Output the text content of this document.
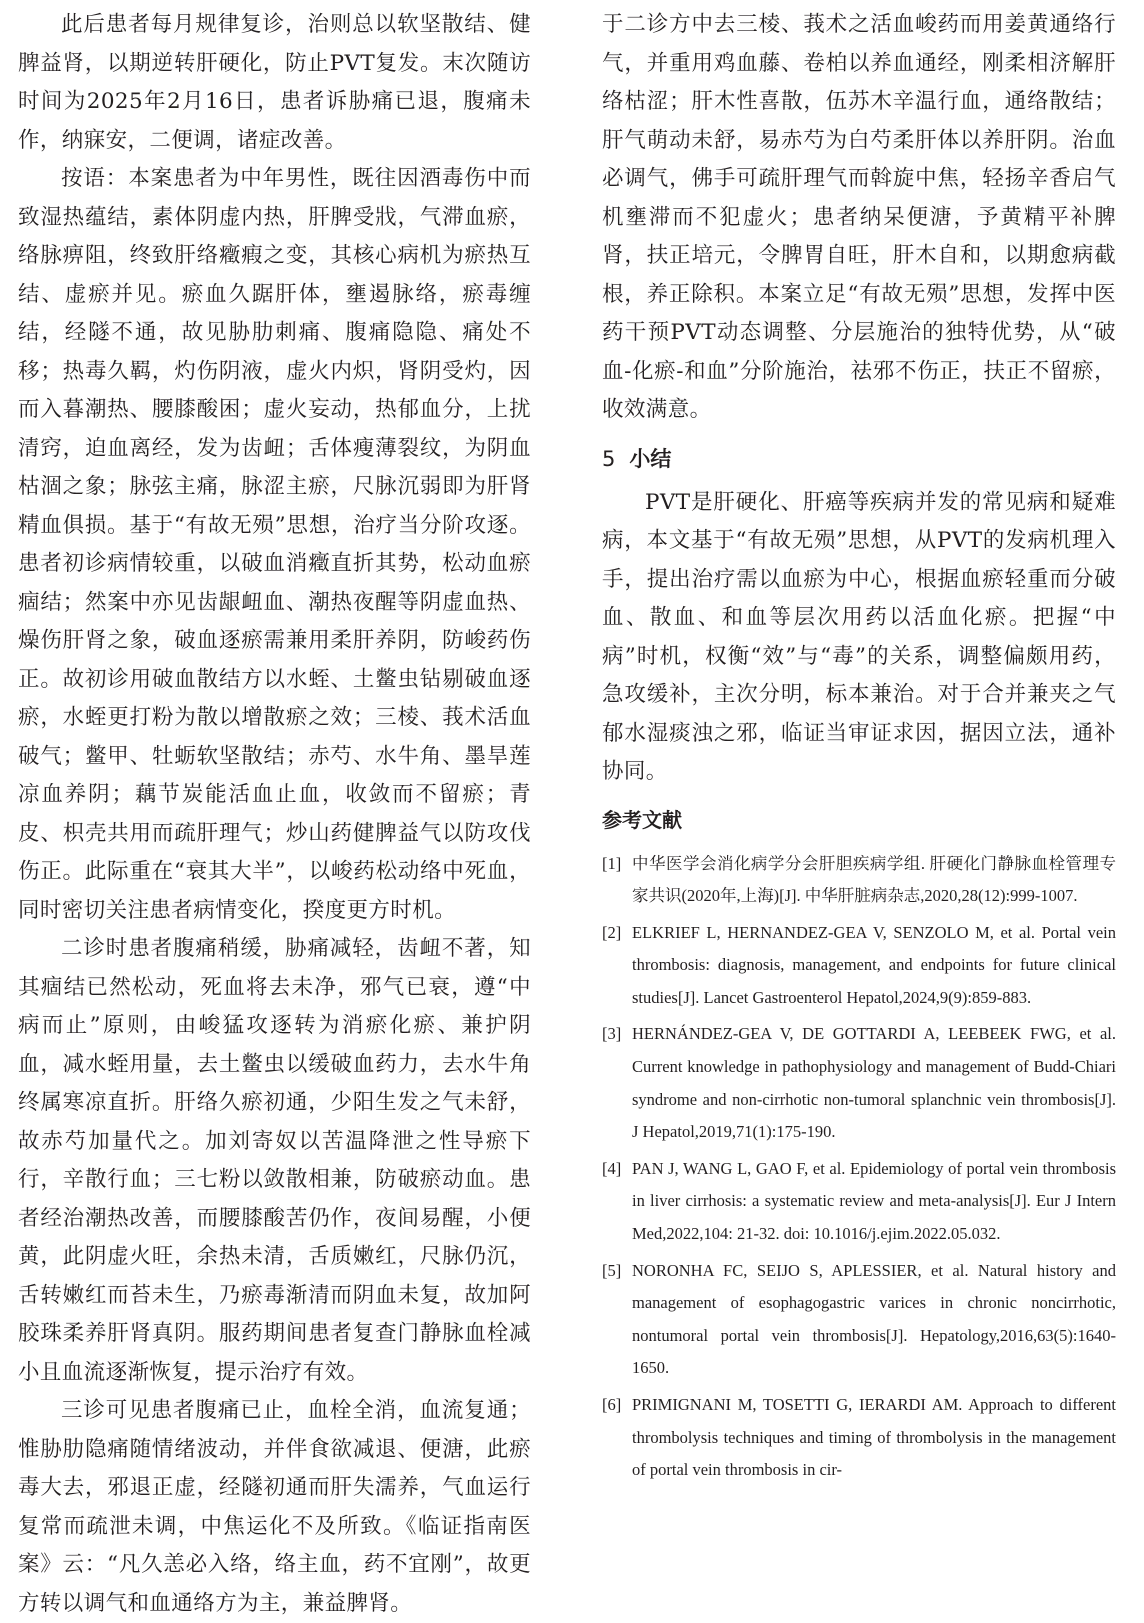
此后患者每月规律复诊，治则总以软坚散结、健脾益肾，以期逆转肝硬化，防止PVT复发。末次随访时间为2025年2月16日，患者诉胁痛已退，腹痛未作，纳寐安，二便调，诸症改善。

按语：本案患者为中年男性，既往因酒毒伤中而致湿热蕴结，素体阴虚内热，肝脾受戕，气滞血瘀，络脉痹阻，终致肝络癥瘕之变，其核心病机为瘀热互结、虚瘀并见。瘀血久踞肝体，壅遏脉络，瘀毒缠结，经隧不通，故见胁肋刺痛、腹痛隐隐、痛处不移；热毒久羁，灼伤阴液，虚火内炽，肾阴受灼，因而入暮潮热、腰膝酸困；虚火妄动，热郁血分，上扰清窍，迫血离经，发为齿衄；舌体瘦薄裂纹，为阴血枯涸之象；脉弦主痛，脉涩主瘀，尺脉沉弱即为肝肾精血俱损。基于“有故无殒”思想，治疗当分阶攻逐。患者初诊病情较重，以破血消癥直折其势，松动血瘀痼结；然案中亦见齿龈衄血、潮热夜醒等阴虚血热、燥伤肝肾之象，破血逐瘀需兼用柔肝养阴，防峻药伤正。故初诊用破血散结方以水蛭、土鳖虫钻剔破血逐瘀，水蛭更打粉为散以增散瘀之效；三棱、莪术活血破气；鳖甲、牡蛎软坚散结；赤芍、水牛角、墨旱莲凉血养阴；藕节炭能活血止血，收敛而不留瘀；青皮、枳壳共用而疏肝理气；炒山药健脾益气以防攻伐伤正。此际重在“衰其大半”，以峻药松动络中死血，同时密切关注患者病情变化，揆度更方时机。

二诊时患者腹痛稍缓，胁痛减轻，齿衄不著，知其痼结已然松动，死血将去未净，邪气已衰，遵“中病而止”原则，由峻猛攻逐转为消瘀化瘀、兼护阴血，减水蛭用量，去土鳖虫以缓破血药力，去水牛角终属寒凉直折。肝络久瘀初通，少阳生发之气未舒，故赤芍加量代之。加刘寄奴以苦温降泄之性导瘀下行，辛散行血；三七粉以敛散相兼，防破瘀动血。患者经治潮热改善，而腰膝酸苦仍作，夜间易醒，小便黄，此阴虚火旺，余热未清，舌质嫩红，尺脉仍沉，舌转嫩红而苔未生，乃瘀毒渐清而阴血未复，故加阿胶珠柔养肝肾真阴。服药期间患者复查门静脉血栓减小且血流逐渐恢复，提示治疗有效。

三诊可见患者腹痛已止，血栓全消，血流复通；惟胁肋隐痛随情绪波动，并伴食欲减退、便溏，此瘀毒大去，邪退正虚，经隧初通而肝失濡养，气血运行复常而疏泄未调，中焦运化不及所致。《临证指南医案》云：“凡久恙必入络，络主血，药不宜刚”，故更方转以调气和血通络方为主，兼益脾肾。

于二诊方中去三棱、莪术之活血峻药而用姜黄通络行气，并重用鸡血藤、卷柏以养血通经，刚柔相济解肝络枯涩；肝木性喜散，伍苏木辛温行血，通络散结；肝气萌动未舒，易赤芍为白芍柔肝体以养肝阴。治血必调气，佛手可疏肝理气而斡旋中焦，轻扬辛香启气机壅滞而不犯虚火；患者纳呆便溏，予黄精平补脾肾，扶正培元，令脾胃自旺，肝木自和，以期愈病截根，养正除积。本案立足“有故无殒”思想，发挥中医药干预PVT动态调整、分层施治的独特优势，从“破血-化瘀-和血”分阶施治，祛邪不伤正，扶正不留瘀，收效满意。

5 小结

PVT是肝硬化、肝癌等疾病并发的常见病和疑难病，本文基于“有故无殒”思想，从PVT的发病机理入手，提出治疗需以血瘀为中心，根据血瘀轻重而分破血、散血、和血等层次用药以活血化瘀。把握“中病”时机，权衡“效”与“毒”的关系，调整偏颇用药，急攻缓补，主次分明，标本兼治。对于合并兼夹之气郁水湿痰浊之邪，临证当审证求因，据因立法，通补协同。

参考文献
[1] 中华医学会消化病学分会肝胆疾病学组. 肝硬化门静脉血栓管理专家共识(2020年,上海)[J]. 中华肝脏病杂志,2020,28(12):999-1007.
[2] ELKRIEF L, HERNANDEZ-GEA V, SENZOLO M, et al. Portal vein thrombosis: diagnosis, management, and endpoints for future clinical studies[J]. Lancet Gastroenterol Hepatol,2024,9(9):859-883.
[3] HERNÁNDEZ-GEA V, DE GOTTARDI A, LEEBEEK FWG, et al. Current knowledge in pathophysiology and management of Budd-Chiari syndrome and non-cirrhotic non-tumoral splanchnic vein thrombosis[J]. J Hepatol,2019,71(1):175-190.
[4] PAN J, WANG L, GAO F, et al. Epidemiology of portal vein thrombosis in liver cirrhosis: a systematic review and meta-analysis[J]. Eur J Intern Med,2022,104: 21-32. doi: 10.1016/j.ejim.2022.05.032.
[5] NORONHA FC, SEIJO S, APLESSIER, et al. Natural history and management of esophagogastric varices in chronic noncirrhotic, nontumoral portal vein thrombosis[J]. Hepatology,2016,63(5):1640-1650.
[6] PRIMIGNANI M, TOSETTI G, IERARDI AM. Approach to different thrombolysis techniques and timing of thrombolysis in the management of portal vein thrombosis in cir-
